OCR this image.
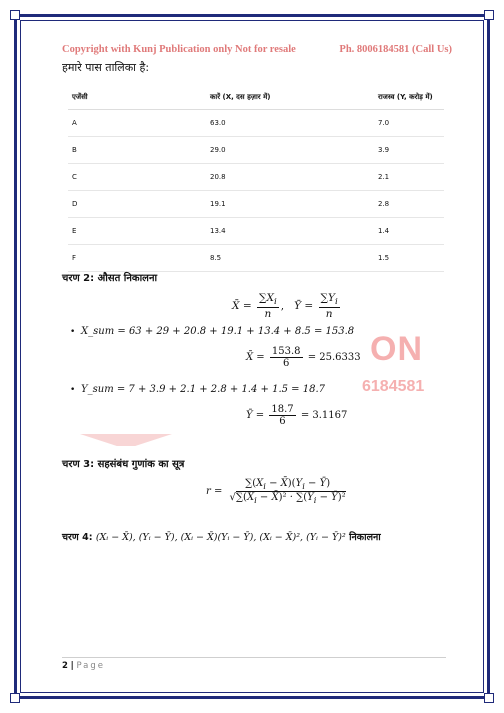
Copyright with Kunj Publication only Not for resale	Ph. 8006184581 (Call Us)
हमारे पास तालिका है:
एजेंसी	कारें (X, दस हज़ार में)	राजस्व (Y, करोड़ में)
A	63.0	7.0
B	29.0	3.9
C	20.8	2.1
D	19.1	2.8
E	13.4	1.4
F	8.5	1.5
चरण 2: औसत निकालना
X̄ = $\frac{\sum X_i}{n}$ ,   Ȳ = $\frac{\sum Y_i}{n}$
•  X_sum = 63 + 29 + 20.8 + 19.1 + 13.4 + 8.5 = 153.8
X̄ = $\frac{153.8}{6} = 25.6333$
•  Y_sum = 7 + 3.9 + 2.1 + 2.8 + 1.4 + 1.5 = 18.7
Ȳ = $\frac{18.7}{6} = 3.1167$
ON
6184581
चरण 3: सहसंबंध गुणांक का सूत्र
$r = \frac{\sum(X_i - X̄)(Y_i - Ȳ)}{√\sum(X_i - X̄)^2 \cdot \sum(Y_i - Ȳ)^2}$
चरण 4: (Xᵢ − X̄), (Yᵢ − Ȳ), (Xᵢ − X̄)(Yᵢ − Ȳ), (Xᵢ − X̄)², (Yᵢ − Ȳ)² निकालना
2 | Page
